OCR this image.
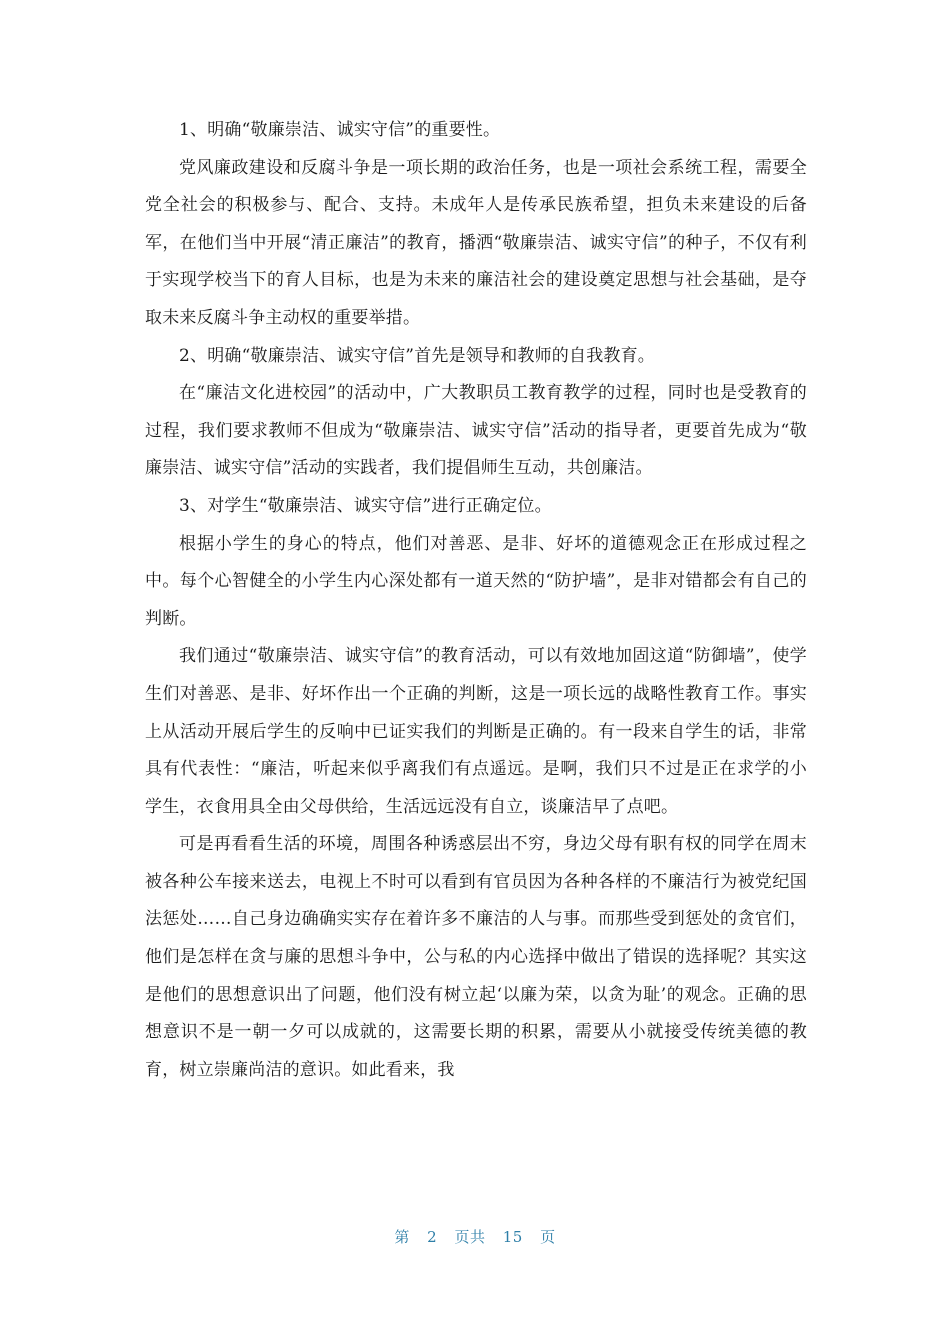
1、明确“敬廉崇洁、诚实守信”的重要性。

党风廉政建设和反腐斗争是一项长期的政治任务，也是一项社会系统工程，需要全党全社会的积极参与、配合、支持。未成年人是传承民族希望，担负未来建设的后备军，在他们当中开展“清正廉洁”的教育，播洒“敬廉崇洁、诚实守信”的种子，不仅有利于实现学校当下的育人目标，也是为未来的廉洁社会的建设奠定思想与社会基础，是夺取未来反腐斗争主动权的重要举措。

2、明确“敬廉崇洁、诚实守信”首先是领导和教师的自我教育。

在“廉洁文化进校园”的活动中，广大教职员工教育教学的过程，同时也是受教育的过程，我们要求教师不但成为“敬廉崇洁、诚实守信”活动的指导者，更要首先成为“敬廉崇洁、诚实守信”活动的实践者，我们提倡师生互动，共创廉洁。

3、对学生“敬廉崇洁、诚实守信”进行正确定位。

根据小学生的身心的特点，他们对善恶、是非、好坏的道德观念正在形成过程之中。每个心智健全的小学生内心深处都有一道天然的“防护墙”，是非对错都会有自己的判断。

我们通过“敬廉崇洁、诚实守信”的教育活动，可以有效地加固这道“防御墙”，使学生们对善恶、是非、好坏作出一个正确的判断，这是一项长远的战略性教育工作。事实上从活动开展后学生的反响中已证实我们的判断是正确的。有一段来自学生的话，非常具有代表性：“廉洁，听起来似乎离我们有点遥远。是啊，我们只不过是正在求学的小学生，衣食用具全由父母供给，生活远远没有自立，谈廉洁早了点吧。

可是再看看生活的环境，周围各种诱惑层出不穷，身边父母有职有权的同学在周末被各种公车接来送去，电视上不时可以看到有官员因为各种各样的不廉洁行为被党纪国法惩处……自己身边确确实实存在着许多不廉洁的人与事。而那些受到惩处的贪官们，他们是怎样在贪与廉的思想斗争中，公与私的内心选择中做出了错误的选择呢？其实这是他们的思想意识出了问题，他们没有树立起‘以廉为荣，以贪为耻’的观念。正确的思想意识不是一朝一夕可以成就的，这需要长期的积累，需要从小就接受传统美德的教育，树立崇廉尚洁的意识。如此看来，我

第 2 页共 15 页
